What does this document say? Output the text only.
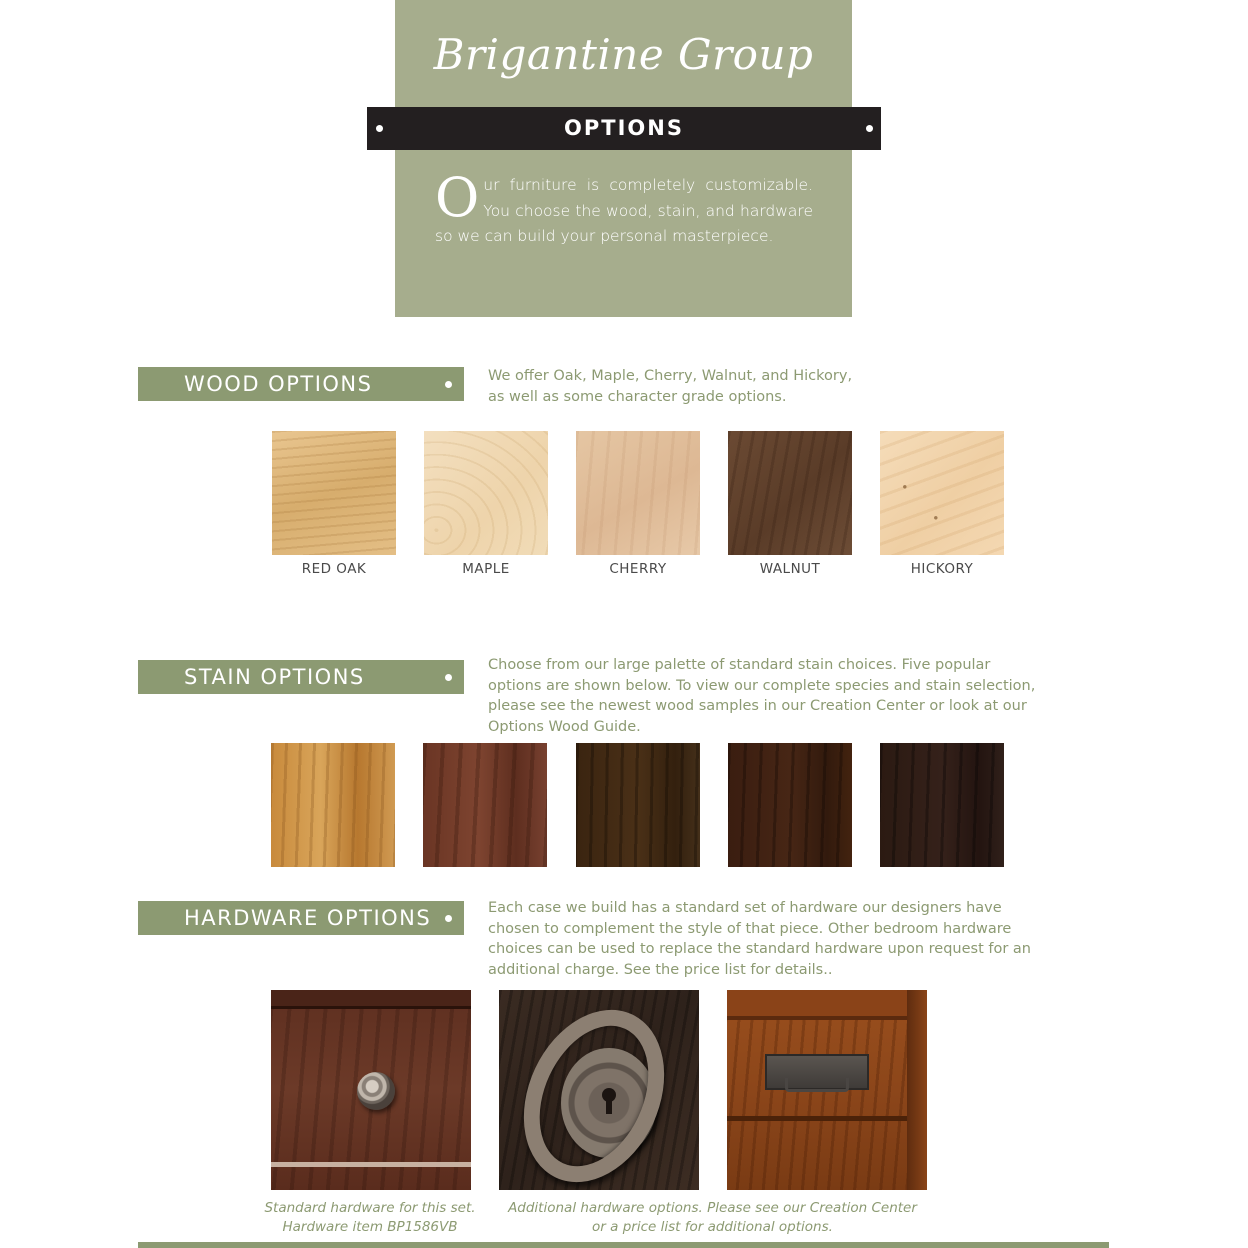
Brigantine Group
OPTIONS
Our furniture is completely customizable. You choose the wood, stain, and hardware so we can build your personal masterpiece.
WOOD OPTIONS	We offer Oak, Maple, Cherry, Walnut, and Hickory, as well as some character grade options.
RED OAK	MAPLE	CHERRY	WALNUT	HICKORY
STAIN OPTIONS	Choose from our large palette of standard stain choices. Five popular options are shown below. To view our complete species and stain selection, please see the newest wood samples in our Creation Center or look at our Options Wood Guide.
HARDWARE OPTIONS	Each case we build has a standard set of hardware our designers have chosen to complement the style of that piece. Other bedroom hardware choices can be used to replace the standard hardware upon request for an additional charge. See the price list for details..
Standard hardware for this set.
Hardware item BP1586VB
Additional hardware options. Please see our Creation Center
or a price list for additional options.
